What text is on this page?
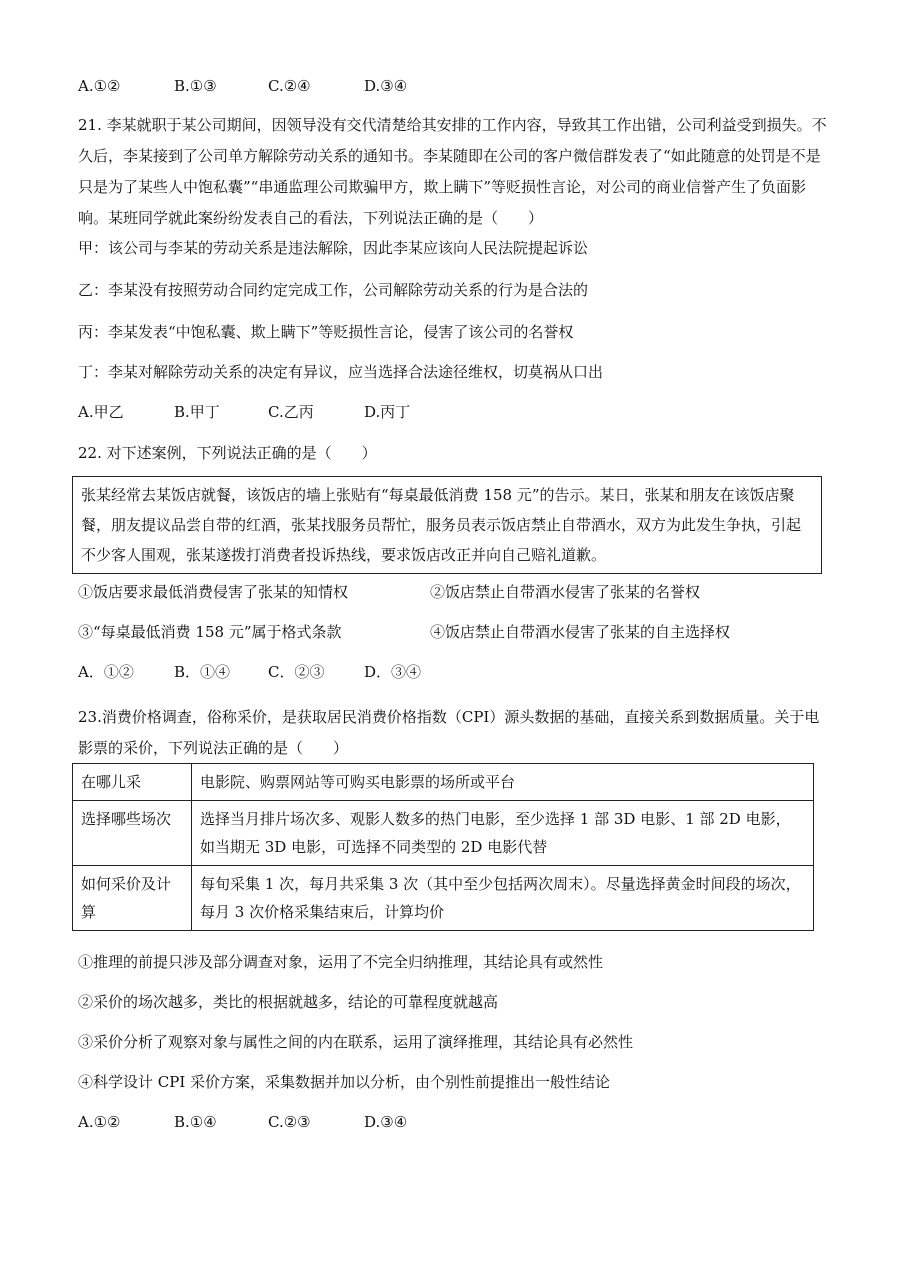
A.①②	B.①③	C.②④	D.③④
21. 李某就职于某公司期间，因领导没有交代清楚给其安排的工作内容，导致其工作出错，公司利益受到损失。不久后，李某接到了公司单方解除劳动关系的通知书。李某随即在公司的客户微信群发表了“如此随意的处罚是不是只是为了某些人中饱私囊”“串通监理公司欺骗甲方，欺上瞒下”等贬损性言论，对公司的商业信誉产生了负面影响。某班同学就此案纷纷发表自己的看法，下列说法正确的是（　　）
甲：该公司与李某的劳动关系是违法解除，因此李某应该向人民法院提起诉讼
乙：李某没有按照劳动合同约定完成工作，公司解除劳动关系的行为是合法的
丙：李某发表“中饱私囊、欺上瞒下”等贬损性言论，侵害了该公司的名誉权
丁：李某对解除劳动关系的决定有异议，应当选择合法途径维权，切莫祸从口出
A.甲乙	B.甲丁	C.乙丙	D.丙丁
22. 对下述案例，下列说法正确的是（　　）
张某经常去某饭店就餐，该饭店的墙上张贴有“每桌最低消费 158 元”的告示。某日，张某和朋友在该饭店聚餐，朋友提议品尝自带的红酒，张某找服务员帮忙，服务员表示饭店禁止自带酒水，双方为此发生争执，引起不少客人围观，张某遂拨打消费者投诉热线，要求饭店改正并向自己赔礼道歉。
①饭店要求最低消费侵害了张某的知情权	②饭店禁止自带酒水侵害了张某的名誉权
③“每桌最低消费 158 元”属于格式条款	④饭店禁止自带酒水侵害了张某的自主选择权
A．①②	B．①④	C．②③	D．③④
23.消费价格调查，俗称采价，是获取居民消费价格指数（CPI）源头数据的基础，直接关系到数据质量。关于电影票的采价，下列说法正确的是（　　）
在哪儿采	电影院、购票网站等可购买电影票的场所或平台
选择哪些场次	选择当月排片场次多、观影人数多的热门电影，至少选择 1 部 3D 电影、1 部 2D 电影，如当期无 3D 电影，可选择不同类型的 2D 电影代替
如何采价及计算	每旬采集 1 次，每月共采集 3 次（其中至少包括两次周末）。尽量选择黄金时间段的场次，每月 3 次价格采集结束后，计算均价
①推理的前提只涉及部分调查对象，运用了不完全归纳推理，其结论具有或然性
②采价的场次越多，类比的根据就越多，结论的可靠程度就越高
③采价分析了观察对象与属性之间的内在联系，运用了演绎推理，其结论具有必然性
④科学设计 CPI 采价方案，采集数据并加以分析，由个别性前提推出一般性结论
A.①②	B.①④	C.②③	D.③④
